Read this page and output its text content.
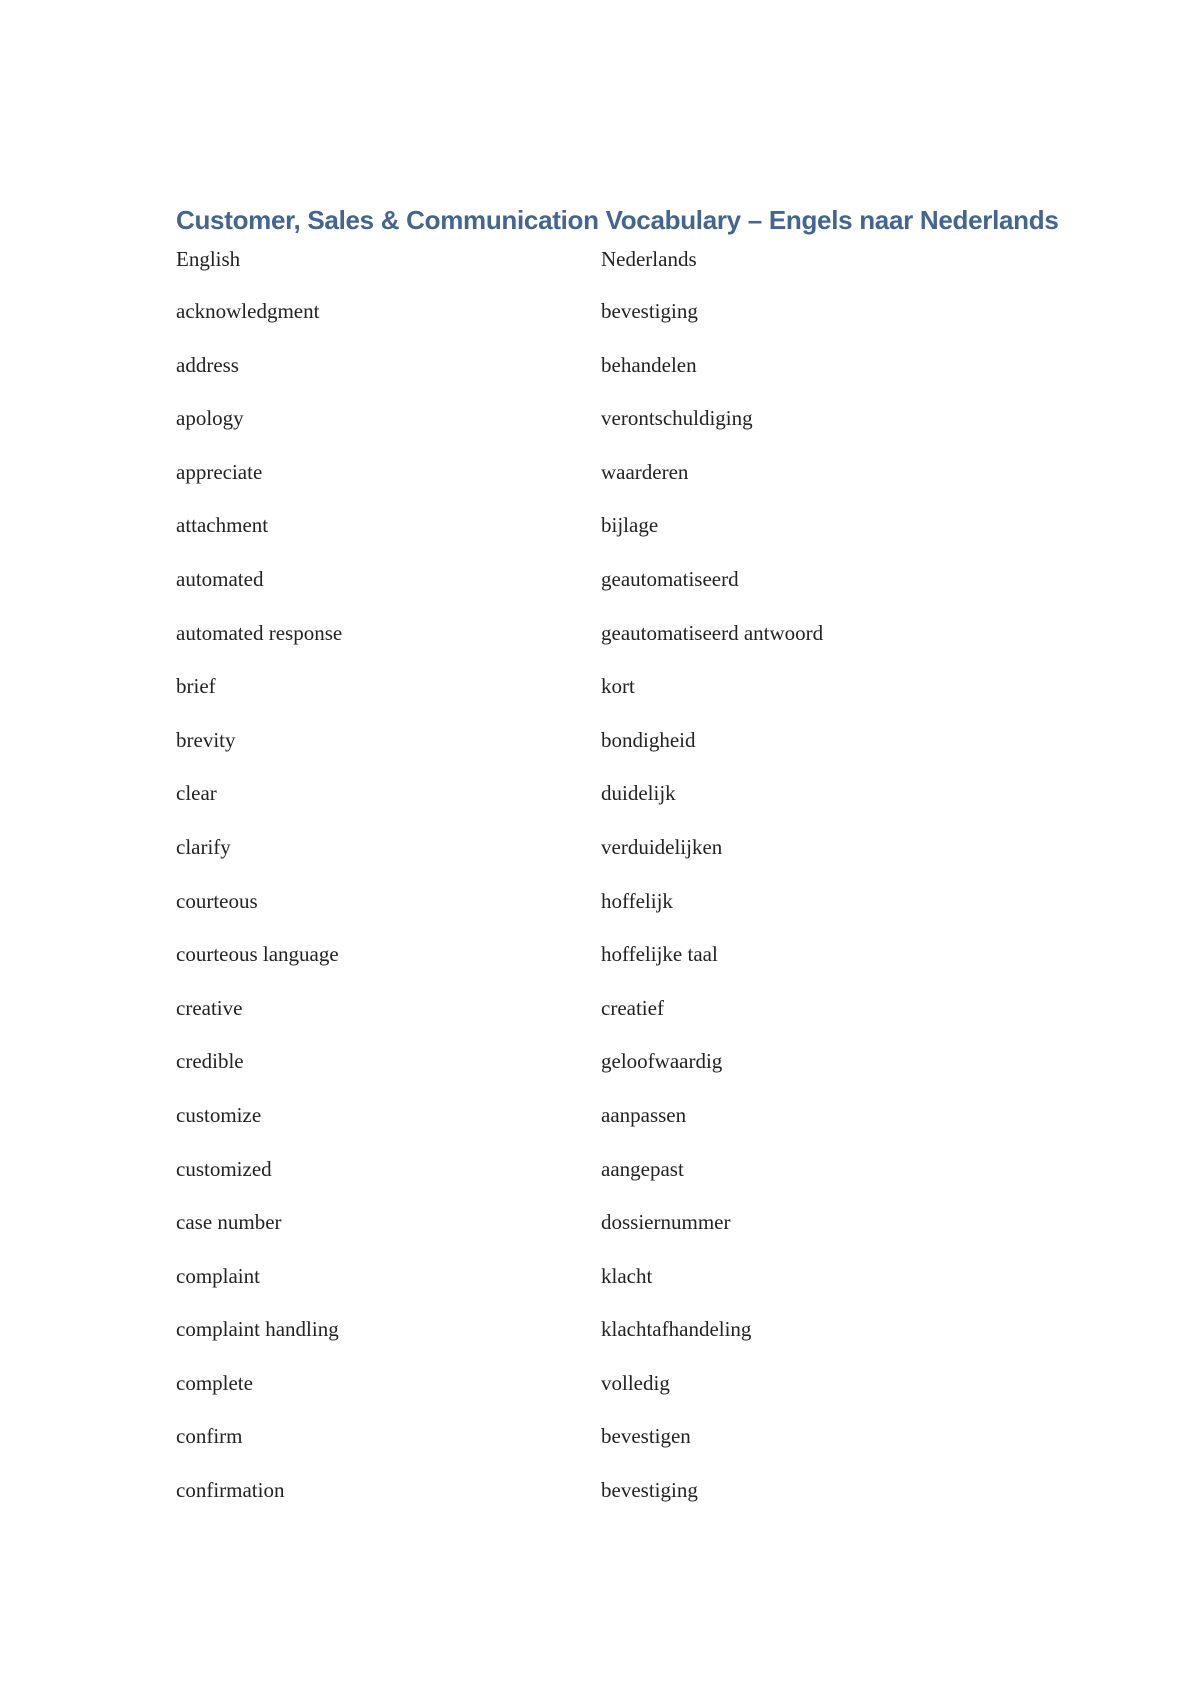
Customer, Sales & Communication Vocabulary – Engels naar Nederlands
English	Nederlands
acknowledgment	bevestiging
address	behandelen
apology	verontschuldiging
appreciate	waarderen
attachment	bijlage
automated	geautomatiseerd
automated response	geautomatiseerd antwoord
brief	kort
brevity	bondigheid
clear	duidelijk
clarify	verduidelijken
courteous	hoffelijk
courteous language	hoffelijke taal
creative	creatief
credible	geloofwaardig
customize	aanpassen
customized	aangepast
case number	dossiernummer
complaint	klacht
complaint handling	klachtafhandeling
complete	volledig
confirm	bevestigen
confirmation	bevestiging
